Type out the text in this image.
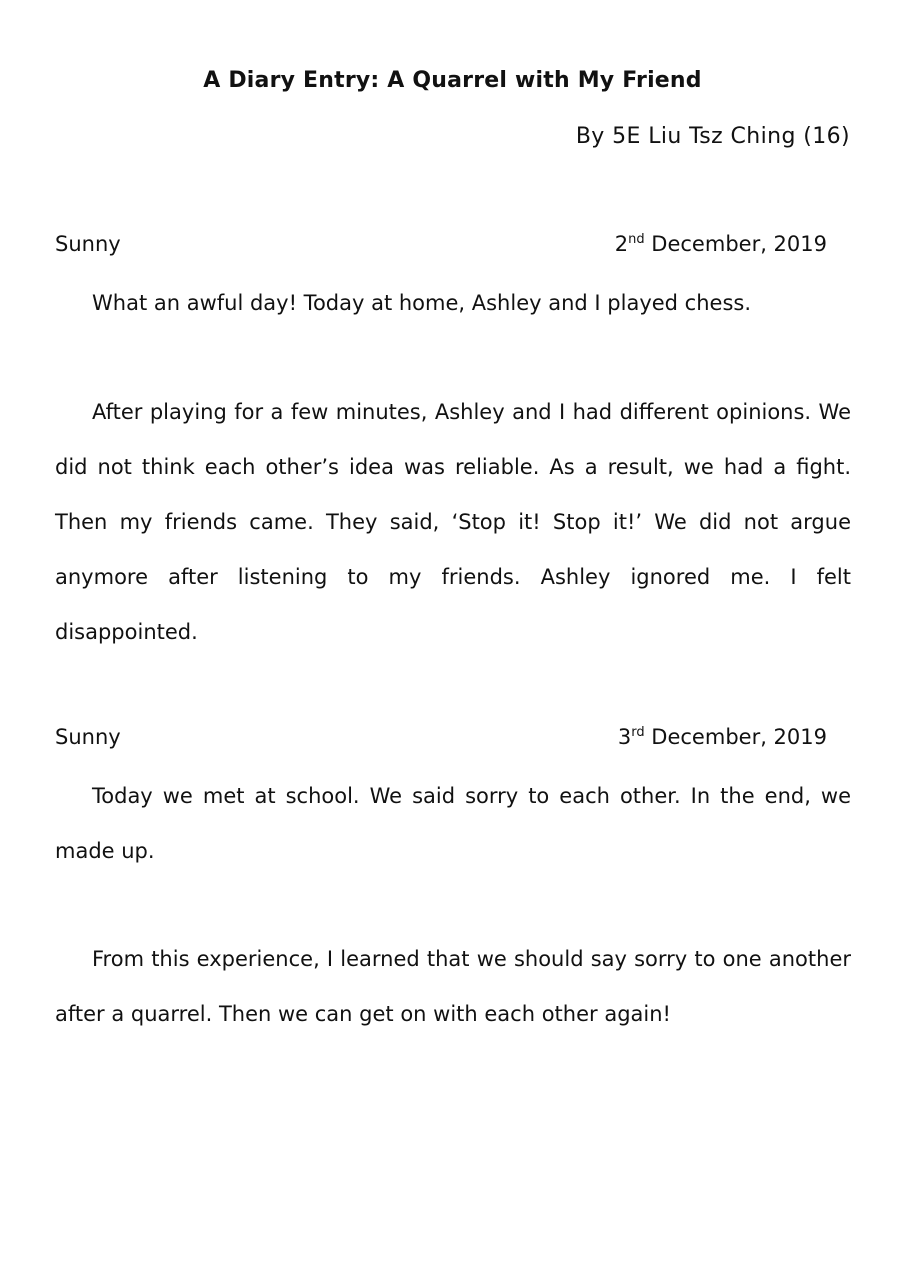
A Diary Entry: A Quarrel with My Friend
By 5E Liu Tsz Ching (16)
Sunny	2nd December, 2019

What an awful day! Today at home, Ashley and I played chess.

After playing for a few minutes, Ashley and I had different opinions. We did not think each other’s idea was reliable. As a result, we had a fight. Then my friends came. They said, ‘Stop it! Stop it!’ We did not argue anymore after listening to my friends. Ashley ignored me. I felt disappointed.

Sunny	3rd December, 2019

Today we met at school. We said sorry to each other. In the end, we made up.

From this experience, I learned that we should say sorry to one another after a quarrel. Then we can get on with each other again!
